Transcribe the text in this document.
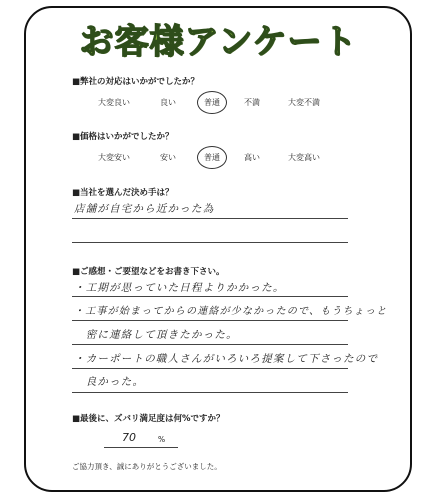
お客様アンケート
■弊社の対応はいかがでしたか？
大変良い	良い	普通	不満	大変不満
■価格はいかがでしたか？
大変安い	安い	普通	高い	大変高い
■当社を選んだ決め手は？
店舗が自宅から近かった為
■ご感想・ご要望などをお書き下さい。
・工期が思っていた日程よりかかった。
・工事が始まってからの連絡が少なかったので、もうちょっと
　密に連絡して頂きたかった。
・カーポートの職人さんがいろいろ提案して下さったので
　良かった。
■最後に、ズバリ満足度は何%ですか？
70	%
ご協力頂き、誠にありがとうございました。
